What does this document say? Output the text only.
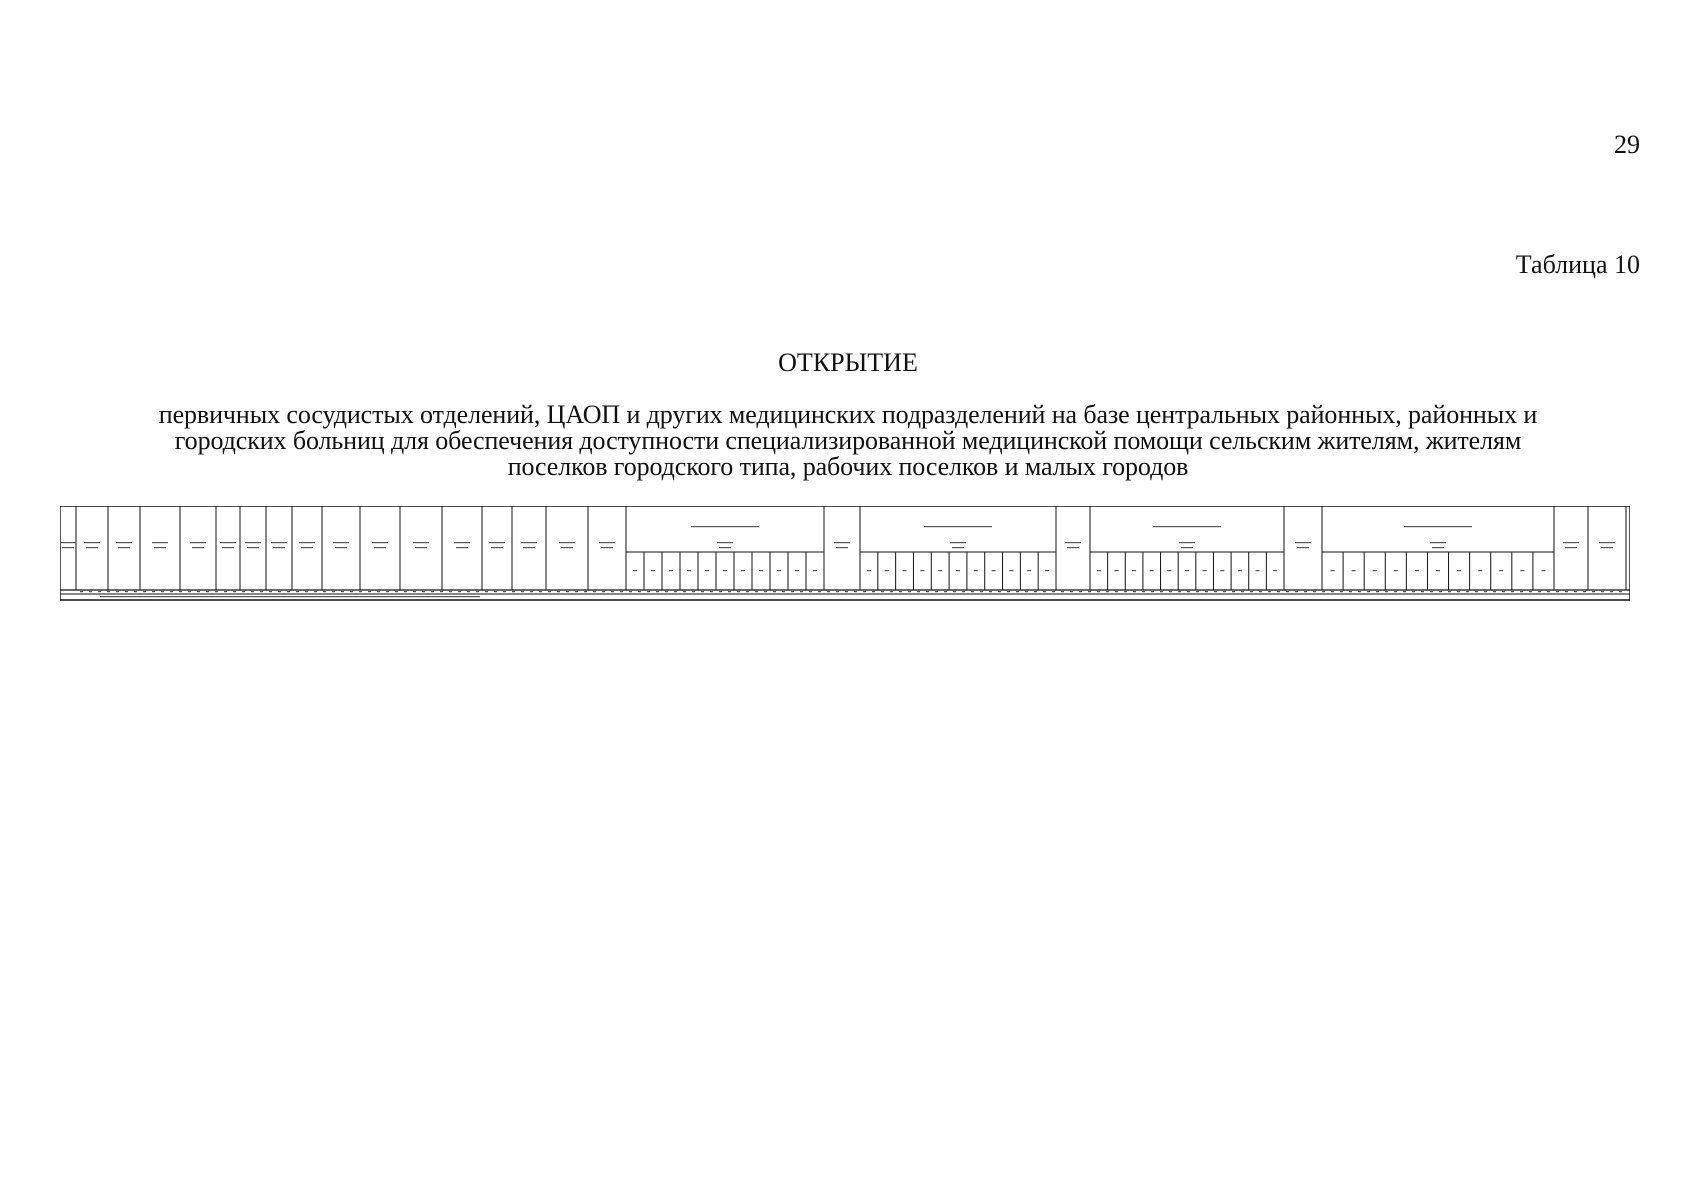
29
Таблица 10
ОТКРЫТИЕ
первичных сосудистых отделений, ЦАОП и других медицинских подразделений на базе центральных районных, районных и
городских больниц для обеспечения доступности специализированной медицинской помощи сельским жителям, жителям
поселков городского типа, рабочих поселков и малых городов
